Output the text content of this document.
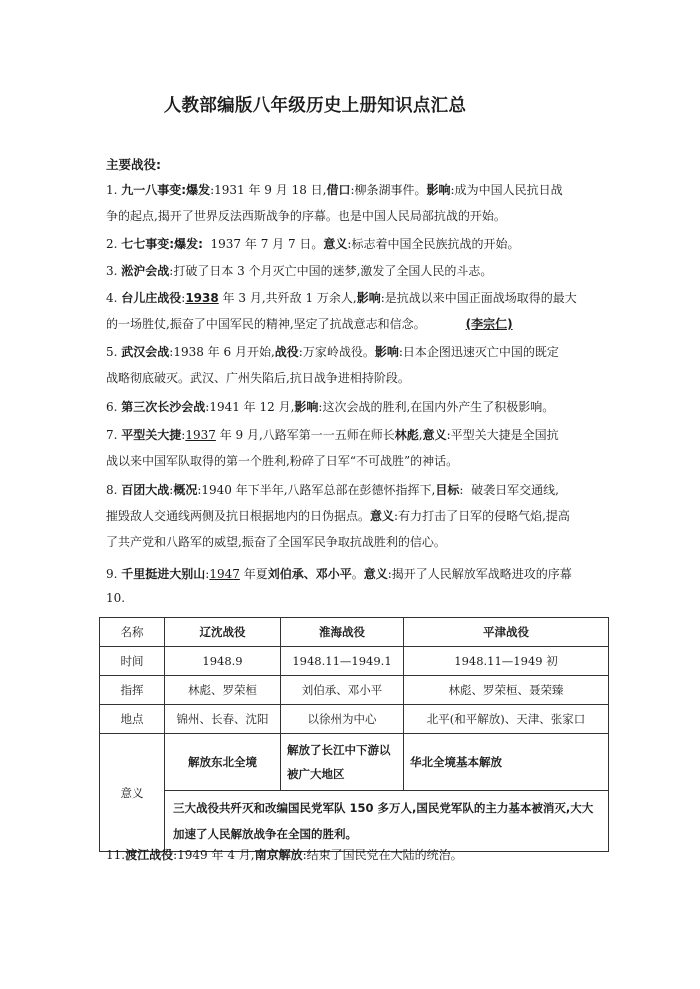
人教部编版八年级历史上册知识点汇总
主要战役:
1. 九一八事变:爆发:1931 年 9 月 18 日,借口:柳条湖事件。影响:成为中国人民抗日战
争的起点,揭开了世界反法西斯战争的序幕。也是中国人民局部抗战的开始。
2. 七七事变:爆发:  1937 年 7 月 7 日。意义:标志着中国全民族抗战的开始。
3. 淞沪会战:打破了日本 3 个月灭亡中国的迷梦,激发了全国人民的斗志。
4. 台儿庄战役:1938 年 3 月,共歼敌 1 万余人,影响:是抗战以来中国正面战场取得的最大
的一场胜仗,振奋了中国军民的精神,坚定了抗战意志和信念。	(李宗仁)
5. 武汉会战:1938 年 6 月开始,战役:万家岭战役。影响:日本企图迅速灭亡中国的既定
战略彻底破灭。武汉、广州失陷后,抗日战争进相持阶段。
6. 第三次长沙会战:1941 年 12 月,影响:这次会战的胜利,在国内外产生了积极影响。
7. 平型关大捷:1937 年 9 月,八路军第一一五师在师长林彪,意义:平型关大捷是全国抗
战以来中国军队取得的第一个胜利,粉碎了日军“不可战胜”的神话。
8. 百团大战:概况:1940 年下半年,八路军总部在彭德怀指挥下,目标:  破袭日军交通线,
摧毁敌人交通线两侧及抗日根据地内的日伪据点。意义:有力打击了日军的侵略气焰,提高
了共产党和八路军的威望,振奋了全国军民争取抗战胜利的信心。
9. 千里挺进大别山:1947 年夏刘伯承、邓小平。意义:揭开了人民解放军战略进攻的序幕
10.
名称	辽沈战役	淮海战役	平津战役
时间	1948.9	1948.11—1949.1	1948.11—1949 初
指挥	林彪、罗荣桓	刘伯承、邓小平	林彪、罗荣桓、聂荣臻
地点	锦州、长春、沈阳	以徐州为中心	北平(和平解放)、天津、张家口
意义	解放东北全境	解放了长江中下游以被广大地区	华北全境基本解放
	三大战役共歼灭和改编国民党军队 150 多万人,国民党军队的主力基本被消灭,大大加速了人民解放战争在全国的胜利。		
11.渡江战役:1949 年 4 月,南京解放:结束了国民党在大陆的统治。
